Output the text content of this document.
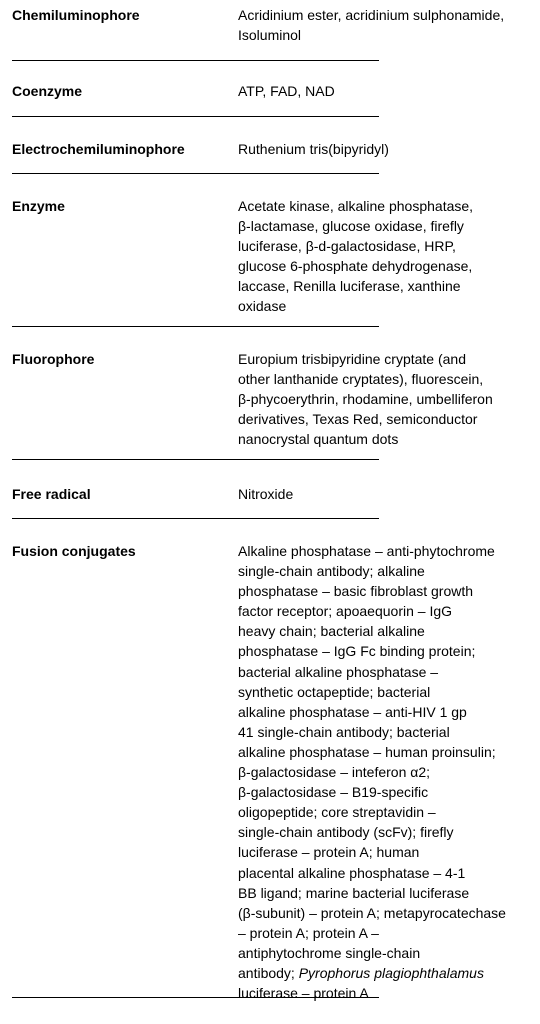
Chemiluminophore	Acridinium ester, acridinium sulphonamide,
Isoluminol
Coenzyme	ATP, FAD, NAD
Electrochemiluminophore	Ruthenium tris(bipyridyl)
Enzyme	Acetate kinase, alkaline phosphatase,
β-lactamase, glucose oxidase, firefly
luciferase, β-d-galactosidase, HRP,
glucose 6-phosphate dehydrogenase,
laccase, Renilla luciferase, xanthine
oxidase
Fluorophore	Europium trisbipyridine cryptate (and
other lanthanide cryptates), fluorescein,
β-phycoerythrin, rhodamine, umbelliferon
derivatives, Texas Red, semiconductor
nanocrystal quantum dots
Free radical	Nitroxide
Fusion conjugates	Alkaline phosphatase – anti-phytochrome
single-chain antibody; alkaline
phosphatase – basic fibroblast growth
factor receptor; apoaequorin – IgG
heavy chain; bacterial alkaline
phosphatase – IgG Fc binding protein;
bacterial alkaline phosphatase –
synthetic octapeptide; bacterial
alkaline phosphatase – anti-HIV 1 gp
41 single-chain antibody; bacterial
alkaline phosphatase – human proinsulin;
β-galactosidase – inteferon α2;
β-galactosidase – B19-specific
oligopeptide; core streptavidin –
single-chain antibody (scFv); firefly
luciferase – protein A; human
placental alkaline phosphatase – 4-1
BB ligand; marine bacterial luciferase
(β-subunit) – protein A; metapyrocatechase
– protein A; protein A –
antiphytochrome single-chain
antibody; Pyrophorus plagiophthalamus
luciferase – protein A
